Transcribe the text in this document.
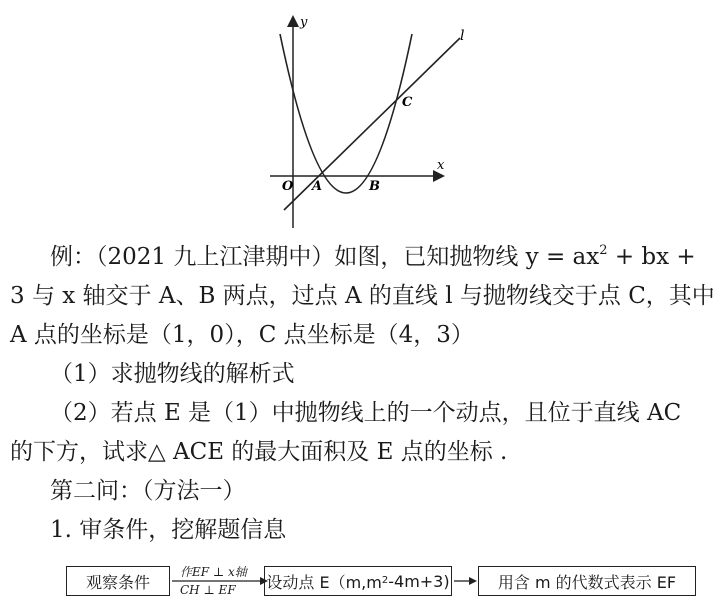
y
x
O A	B
C
l
例：（2021 九上江津期中）如图，已知抛物线 $y = ax^2$ + bx +
3 与 x 轴交于 A、B 两点，过点 A 的直线 l 与抛物线交于点 C，其中
A 点的坐标是（1，0），C 点坐标是（4，3）
（1）求抛物线的解析式
（2）若点 E 是（1）中抛物线上的一个动点，且位于直线 AC
的下方，试求△ ACE 的最大面积及 E 点的坐标 .
第二问：（方法一）
1. 审条件，挖解题信息
观察条件
作EF ⊥ x轴
CH ⊥ EF 设动点 E（m,m 2 -4m+3)	用含 m 的代数式表示 EF
